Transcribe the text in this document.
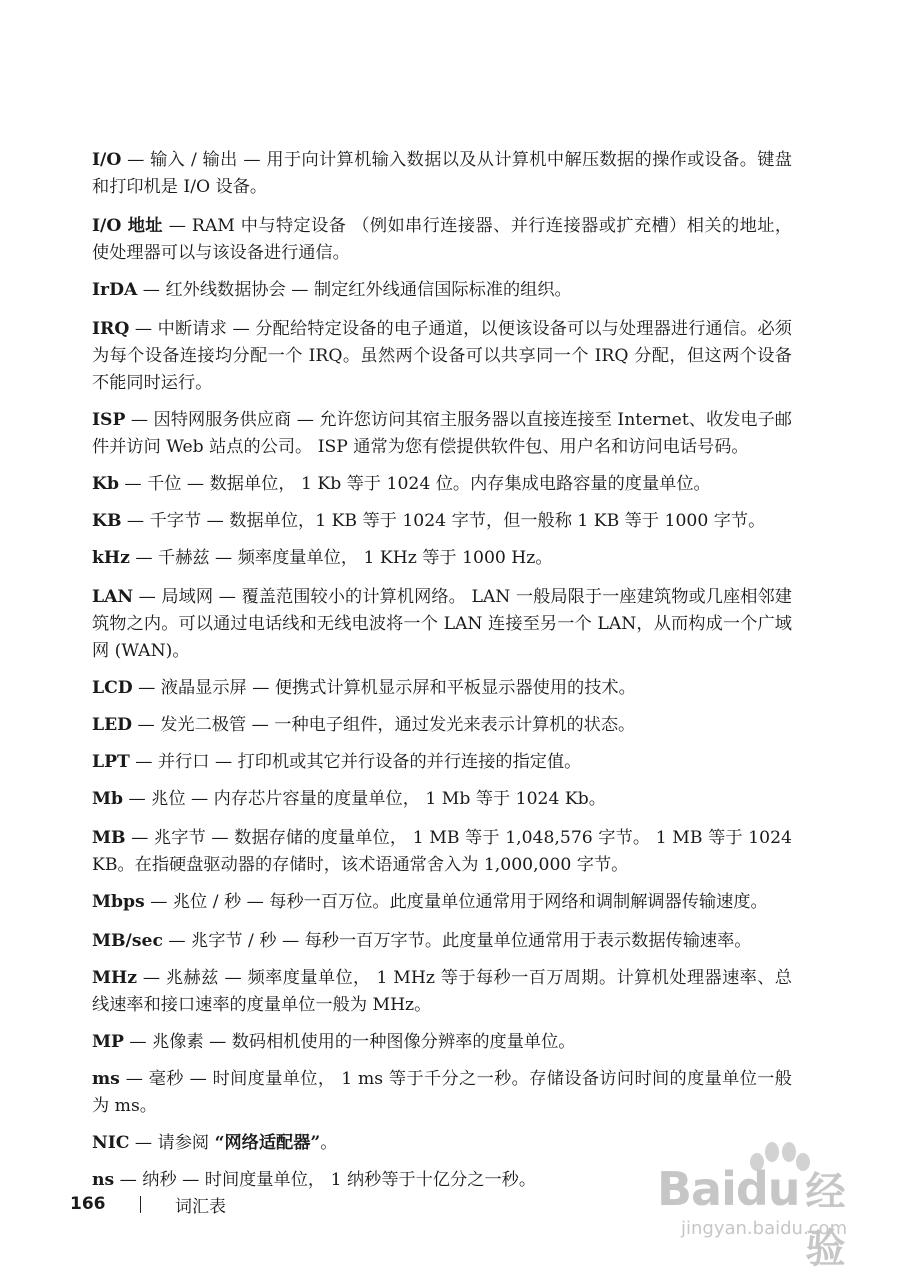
I/O — 输入 / 输出 — 用于向计算机输入数据以及从计算机中解压数据的操作或设备。键盘和打印机是 I/O 设备。

I/O 地址 — RAM 中与特定设备 （例如串行连接器、并行连接器或扩充槽）相关的地址，使处理器可以与该设备进行通信。

IrDA — 红外线数据协会 — 制定红外线通信国际标准的组织。

IRQ — 中断请求 — 分配给特定设备的电子通道，以便该设备可以与处理器进行通信。必须为每个设备连接均分配一个 IRQ。虽然两个设备可以共享同一个 IRQ 分配，但这两个设备不能同时运行。

ISP — 因特网服务供应商 — 允许您访问其宿主服务器以直接连接至 Internet、收发电子邮件并访问 Web 站点的公司。 ISP 通常为您有偿提供软件包、用户名和访问电话号码。

Kb — 千位 — 数据单位， 1 Kb 等于 1024 位。内存集成电路容量的度量单位。

KB — 千字节 — 数据单位，1 KB 等于 1024 字节，但一般称 1 KB 等于 1000 字节。

kHz — 千赫兹 — 频率度量单位， 1 KHz 等于 1000 Hz。

LAN — 局域网 — 覆盖范围较小的计算机网络。 LAN 一般局限于一座建筑物或几座相邻建筑物之内。可以通过电话线和无线电波将一个 LAN 连接至另一个 LAN，从而构成一个广域网 (WAN)。

LCD — 液晶显示屏 — 便携式计算机显示屏和平板显示器使用的技术。

LED — 发光二极管 — 一种电子组件，通过发光来表示计算机的状态。

LPT — 并行口 — 打印机或其它并行设备的并行连接的指定值。

Mb — 兆位 — 内存芯片容量的度量单位， 1 Mb 等于 1024 Kb。

MB — 兆字节 — 数据存储的度量单位， 1 MB 等于 1,048,576 字节。 1 MB 等于 1024 KB。在指硬盘驱动器的存储时，该术语通常舍入为 1,000,000 字节。

Mbps — 兆位 / 秒 — 每秒一百万位。此度量单位通常用于网络和调制解调器传输速度。

MB/sec — 兆字节 / 秒 — 每秒一百万字节。此度量单位通常用于表示数据传输速率。

MHz — 兆赫兹 — 频率度量单位， 1 MHz 等于每秒一百万周期。计算机处理器速率、总线速率和接口速率的度量单位一般为 MHz。

MP — 兆像素 — 数码相机使用的一种图像分辨率的度量单位。

ms — 毫秒 — 时间度量单位， 1 ms 等于千分之一秒。存储设备访问时间的度量单位一般为 ms。

NIC — 请参阅 “网络适配器”。

ns — 纳秒 — 时间度量单位， 1 纳秒等于十亿分之一秒。

166	词汇表	Baidu 经验
jingyan.baidu.com
